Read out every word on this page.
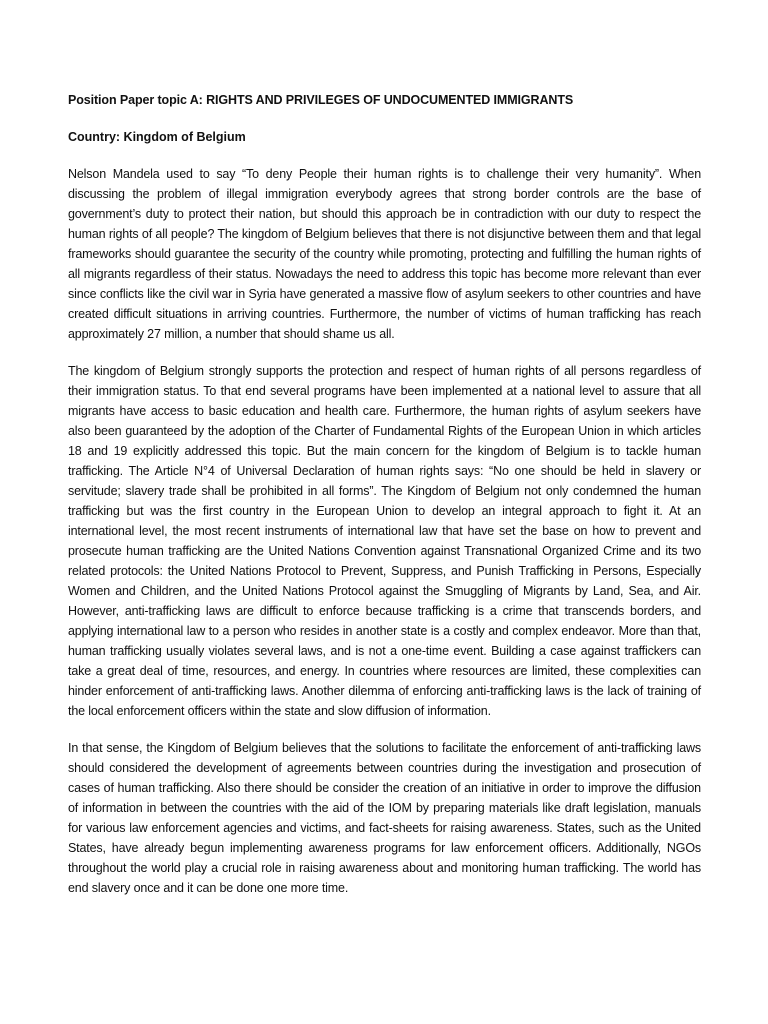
Position Paper topic A: RIGHTS AND PRIVILEGES OF UNDOCUMENTED IMMIGRANTS

Country: Kingdom of Belgium

Nelson Mandela used to say “To deny People their human rights is to challenge their very humanity”. When discussing the problem of illegal immigration everybody agrees that strong border controls are the base of government’s duty to protect their nation, but should this approach be in contradiction with our duty to respect the human rights of all people? The kingdom of Belgium believes that there is not disjunctive between them and that legal frameworks should guarantee the security of the country while promoting, protecting and fulfilling the human rights of all migrants regardless of their status. Nowadays the need to address this topic has become more relevant than ever since conflicts like the civil war in Syria have generated a massive flow of asylum seekers to other countries and have created difficult situations in arriving countries. Furthermore, the number of victims of human trafficking has reach approximately 27 million, a number that should shame us all.

The kingdom of Belgium strongly supports the protection and respect of human rights of all persons regardless of their immigration status. To that end several programs have been implemented at a national level to assure that all migrants have access to basic education and health care. Furthermore, the human rights of asylum seekers have also been guaranteed by the adoption of the Charter of Fundamental Rights of the European Union in which articles 18 and 19 explicitly addressed this topic. But the main concern for the kingdom of Belgium is to tackle human trafficking. The Article N°4 of Universal Declaration of human rights says: “No one should be held in slavery or servitude; slavery trade shall be prohibited in all forms”. The Kingdom of Belgium not only condemned the human trafficking but was the first country in the European Union to develop an integral approach to fight it. At an international level, the most recent instruments of international law that have set the base on how to prevent and prosecute human trafficking are the United Nations Convention against Transnational Organized Crime and its two related protocols: the United Nations Protocol to Prevent, Suppress, and Punish Trafficking in Persons, Especially Women and Children, and the United Nations Protocol against the Smuggling of Migrants by Land, Sea, and Air. However, anti-trafficking laws are difficult to enforce because trafficking is a crime that transcends borders, and applying international law to a person who resides in another state is a costly and complex endeavor. More than that, human trafficking usually violates several laws, and is not a one-time event. Building a case against traffickers can take a great deal of time, resources, and energy. In countries where resources are limited, these complexities can hinder enforcement of anti-trafficking laws. Another dilemma of enforcing anti-trafficking laws is the lack of training of the local enforcement officers within the state and slow diffusion of information.

In that sense, the Kingdom of Belgium believes that the solutions to facilitate the enforcement of anti-trafficking laws should considered the development of agreements between countries during the investigation and prosecution of cases of human trafficking. Also there should be consider the creation of an initiative in order to improve the diffusion of information in between the countries with the aid of the IOM by preparing materials like draft legislation, manuals for various law enforcement agencies and victims, and fact-sheets for raising awareness. States, such as the United States, have already begun implementing awareness programs for law enforcement officers. Additionally, NGOs throughout the world play a crucial role in raising awareness about and monitoring human trafficking. The world has end slavery once and it can be done one more time.
